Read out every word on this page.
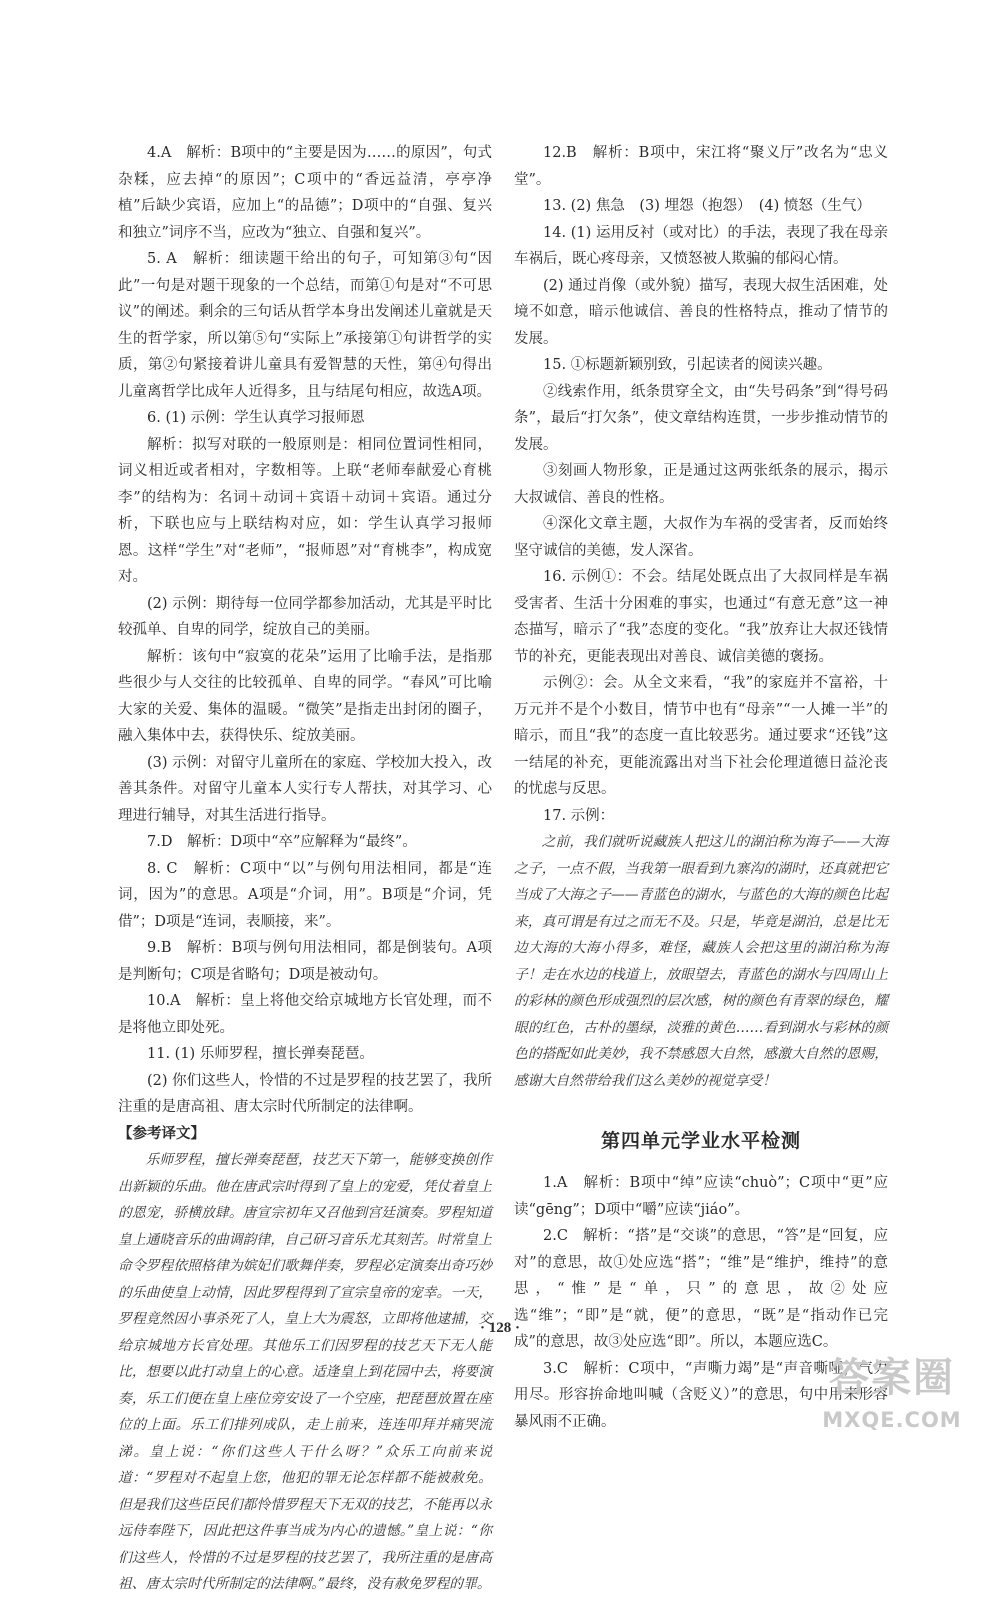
4.A　解析：B项中的“主要是因为……的原因”，句式杂糅，应去掉“的原因”；C项中的“香远益清，亭亭净植”后缺少宾语，应加上“的品德”；D项中的“自强、复兴和独立”词序不当，应改为“独立、自强和复兴”。

5. A　解析：细读题干给出的句子，可知第③句“因此”一句是对题干现象的一个总结，而第①句是对“不可思议”的阐述。剩余的三句话从哲学本身出发阐述儿童就是天生的哲学家，所以第⑤句“实际上”承接第①句讲哲学的实质，第②句紧接着讲儿童具有爱智慧的天性，第④句得出儿童离哲学比成年人近得多，且与结尾句相应，故选A项。

6. (1) 示例：学生认真学习报师恩

解析：拟写对联的一般原则是：相同位置词性相同，词义相近或者相对，字数相等。上联“老师奉献爱心育桃李”的结构为：名词＋动词＋宾语＋动词＋宾语。通过分析，下联也应与上联结构对应，如：学生认真学习报师恩。这样“学生”对“老师”，“报师恩”对“育桃李”，构成宽对。

(2) 示例：期待每一位同学都参加活动，尤其是平时比较孤单、自卑的同学，绽放自己的美丽。

解析：该句中“寂寞的花朵”运用了比喻手法，是指那些很少与人交往的比较孤单、自卑的同学。“春风”可比喻大家的关爱、集体的温暖。“微笑”是指走出封闭的圈子，融入集体中去，获得快乐、绽放美丽。

(3) 示例：对留守儿童所在的家庭、学校加大投入，改善其条件。对留守儿童本人实行专人帮扶，对其学习、心理进行辅导，对其生活进行指导。

7.D　解析：D项中“卒”应解释为“最终”。

8. C　解析：C项中“以”与例句用法相同，都是“连词，因为”的意思。A项是“介词，用”。B项是“介词，凭借”；D项是“连词，表顺接，来”。

9.B　解析：B项与例句用法相同，都是倒装句。A项是判断句；C项是省略句；D项是被动句。

10.A　解析：皇上将他交给京城地方长官处理，而不是将他立即处死。

11. (1) 乐师罗程，擅长弹奏琵琶。

(2) 你们这些人，怜惜的不过是罗程的技艺罢了，我所注重的是唐高祖、唐太宗时代所制定的法律啊。

【参考译文】

乐师罗程，擅长弹奏琵琶，技艺天下第一，能够变换创作出新颖的乐曲。他在唐武宗时得到了皇上的宠爱，凭仗着皇上的恩宠，骄横放肆。唐宣宗初年又召他到宫廷演奏。罗程知道皇上通晓音乐的曲调韵律，自己研习音乐尤其刻苦。时常皇上命令罗程依照格律为嫔妃们歌舞伴奏，罗程必定演奏出奇巧妙的乐曲使皇上动情，因此罗程得到了宣宗皇帝的宠幸。一天，罗程竟然因小事杀死了人，皇上大为震怒，立即将他逮捕，交给京城地方长官处理。其他乐工们因罗程的技艺天下无人能比，想要以此打动皇上的心意。适逢皇上到花园中去，将要演奏，乐工们便在皇上座位旁安设了一个空座，把琵琶放置在座位的上面。乐工们排列成队，走上前来，连连叩拜并痛哭流涕。皇上说：“你们这些人干什么呀？”众乐工向前来说道：“罗程对不起皇上您，他犯的罪无论怎样都不能被赦免。但是我们这些臣民们都怜惜罗程天下无双的技艺，不能再以永远侍奉陛下，因此把这件事当成为内心的遗憾。”皇上说：“你们这些人，怜惜的不过是罗程的技艺罢了，我所注重的是唐高祖、唐太宗时代所制定的法律啊。”最终，没有赦免罗程的罪。

12.B　解析：B项中，宋江将“聚义厅”改名为“忠义堂”。

13. (2) 焦急　(3) 埋怨（抱怨）　(4) 愤怒（生气）

14. (1) 运用反衬（或对比）的手法，表现了我在母亲车祸后，既心疼母亲，又愤怒被人欺骗的郁闷心情。

(2) 通过肖像（或外貌）描写，表现大叔生活困难，处境不如意，暗示他诚信、善良的性格特点，推动了情节的发展。

15. ①标题新颖别致，引起读者的阅读兴趣。

②线索作用，纸条贯穿全文，由“失号码条”到“得号码条”，最后“打欠条”，使文章结构连贯，一步步推动情节的发展。

③刻画人物形象，正是通过这两张纸条的展示，揭示大叔诚信、善良的性格。

④深化文章主题，大叔作为车祸的受害者，反而始终坚守诚信的美德，发人深省。

16. 示例①：不会。结尾处既点出了大叔同样是车祸受害者、生活十分困难的事实，也通过“有意无意”这一神态描写，暗示了“我”态度的变化。“我”放弃让大叔还钱情节的补充，更能表现出对善良、诚信美德的褒扬。

示例②：会。从全文来看，“我”的家庭并不富裕，十万元并不是个小数目，情节中也有“母亲”“一人摊一半”的暗示，而且“我”的态度一直比较恶劣。通过要求“还钱”这一结尾的补充，更能流露出对当下社会伦理道德日益沦丧的忧虑与反思。

17. 示例：

之前，我们就听说藏族人把这儿的湖泊称为海子——大海之子，一点不假，当我第一眼看到九寨沟的湖时，还真就把它当成了大海之子——青蓝色的湖水，与蓝色的大海的颜色比起来，真可谓是有过之而无不及。只是，毕竟是湖泊，总是比无边大海的大海小得多，难怪，藏族人会把这里的湖泊称为海子！走在水边的栈道上，放眼望去，青蓝色的湖水与四周山上的彩林的颜色形成强烈的层次感，树的颜色有青翠的绿色，耀眼的红色，古朴的墨绿，淡雅的黄色……看到湖水与彩林的颜色的搭配如此美妙，我不禁感恩大自然，感激大自然的恩赐，感谢大自然带给我们这么美妙的视觉享受！

第四单元学业水平检测

1.A　解析：B项中“绰”应读“chuò”；C项中“更”应读“gēng”；D项中“嚼”应读“jiáo”。

2.C　解析：“搭”是“交谈”的意思，“答”是“回复，应对”的意思，故①处应选“搭”；“维”是“维护，维持”的意思，“惟”是“单，只”的意思，故②处应选“维”；“即”是“就，便”的意思，“既”是“指动作已完成”的意思，故③处应选“即”。所以，本题应选C。

3.C　解析：C项中，“声嘶力竭”是“声音嘶哑，气力用尽。形容拚命地叫喊（含贬义）”的意思，句中用来形容暴风雨不正确。

· 128 ·
答案圈
MXQE.COM
